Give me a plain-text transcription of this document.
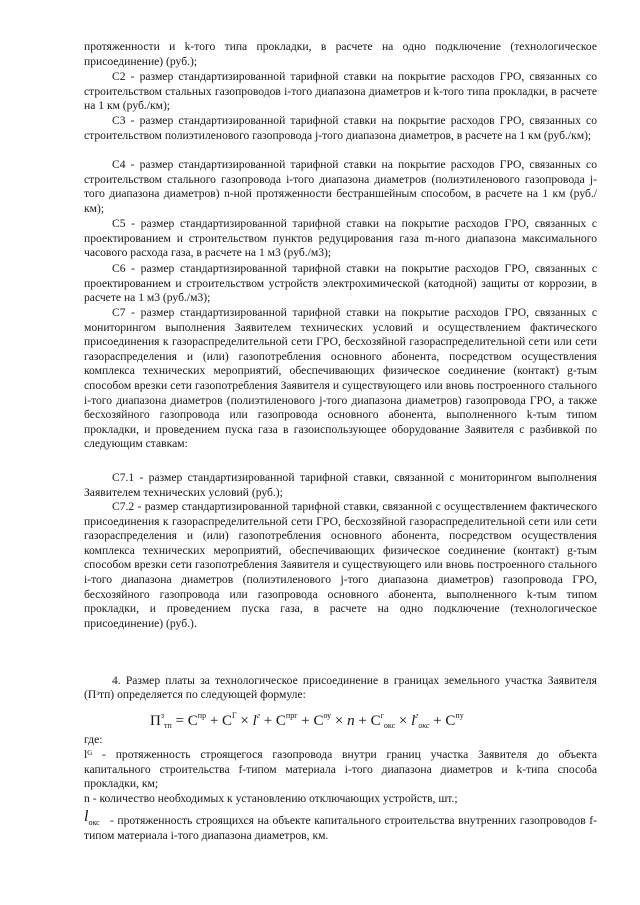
протяженности и k-того типа прокладки, в расчете на одно подключение (технологическое присоединение) (руб.);

С2 - размер стандартизированной тарифной ставки на покрытие расходов ГРО, связанных со строительством стальных газопроводов i-того диапазона диаметров и k-того типа прокладки, в расчете на 1 км (руб./км);

С3 - размер стандартизированной тарифной ставки на покрытие расходов ГРО, связанных со строительством полиэтиленового газопровода j-того диапазона диаметров, в расчете на 1 км (руб./км);

С4 - размер стандартизированной тарифной ставки на покрытие расходов ГРО, связанных со строительством стального газопровода i-того диапазона диаметров (полиэтиленового газопровода j-того диапазона диаметров) n-ной протяженности бестраншейным способом, в расчете на 1 км (руб./км);

С5 - размер стандартизированной тарифной ставки на покрытие расходов ГРО, связанных с проектированием и строительством пунктов редуцирования газа m-ного диапазона максимального часового расхода газа, в расчете на 1 м3 (руб./м3);

С6 - размер стандартизированной тарифной ставки на покрытие расходов ГРО, связанных с проектированием и строительством устройств электрохимической (катодной) защиты от коррозии, в расчете на 1 м3 (руб./м3);

С7 - размер стандартизированной тарифной ставки на покрытие расходов ГРО, связанных с мониторингом выполнения Заявителем технических условий и осуществлением фактического присоединения к газораспределительной сети ГРО, бесхозяйной газораспределительной сети или сети газораспределения и (или) газопотребления основного абонента, посредством осуществления комплекса технических мероприятий, обеспечивающих физическое соединение (контакт) g-тым способом врезки сети газопотребления Заявителя и существующего или вновь построенного стального i-того диапазона диаметров (полиэтиленового j-того диапазона диаметров) газопровода ГРО, а также бесхозяйного газопровода или газопровода основного абонента, выполненного k-тым типом прокладки, и проведением пуска газа в газоиспользующее оборудование Заявителя с разбивкой по следующим ставкам:

С7.1 - размер стандартизированной тарифной ставки, связанной с мониторингом выполнения Заявителем технических условий (руб.);

С7.2 - размер стандартизированной тарифной ставки, связанной с осуществлением фактического присоединения к газораспределительной сети ГРО, бесхозяйной газораспределительной сети или сети газораспределения и (или) газопотребления основного абонента, посредством осуществления комплекса технических мероприятий, обеспечивающих физическое соединение (контакт) g-тым способом врезки сети газопотребления Заявителя и существующего или вновь построенного стального i-того диапазона диаметров (полиэтиленового j-того диапазона диаметров) газопровода ГРО, бесхозяйного газопровода или газопровода основного абонента, выполненного k-тым типом прокладки, и проведением пуска газа, в расчете на одно подключение (технологическое присоединение) (руб.).

4. Размер платы за технологическое присоединение в границах земельного участка Заявителя (Пᶟтп) определяется по следующей формуле:

$П^з_{тп} = С^{пр} + С^Г \times l^г + С^{прг} + С^{оу} \times n + С^г_{окс} \times l^г_{окс} + С^{пу}$
где:
lᴳ - протяженность строящегося газопровода внутри границ участка Заявителя до объекта капитального строительства f-типом материала i-того диапазона диаметров и k-типа способа прокладки, км;
n - количество необходимых к установлению отключающих устройств, шт.;
$l_{окс}$ - протяженность строящихся на объекте капитального строительства внутренних газопроводов f-типом материала i-того диапазона диаметров, км.
